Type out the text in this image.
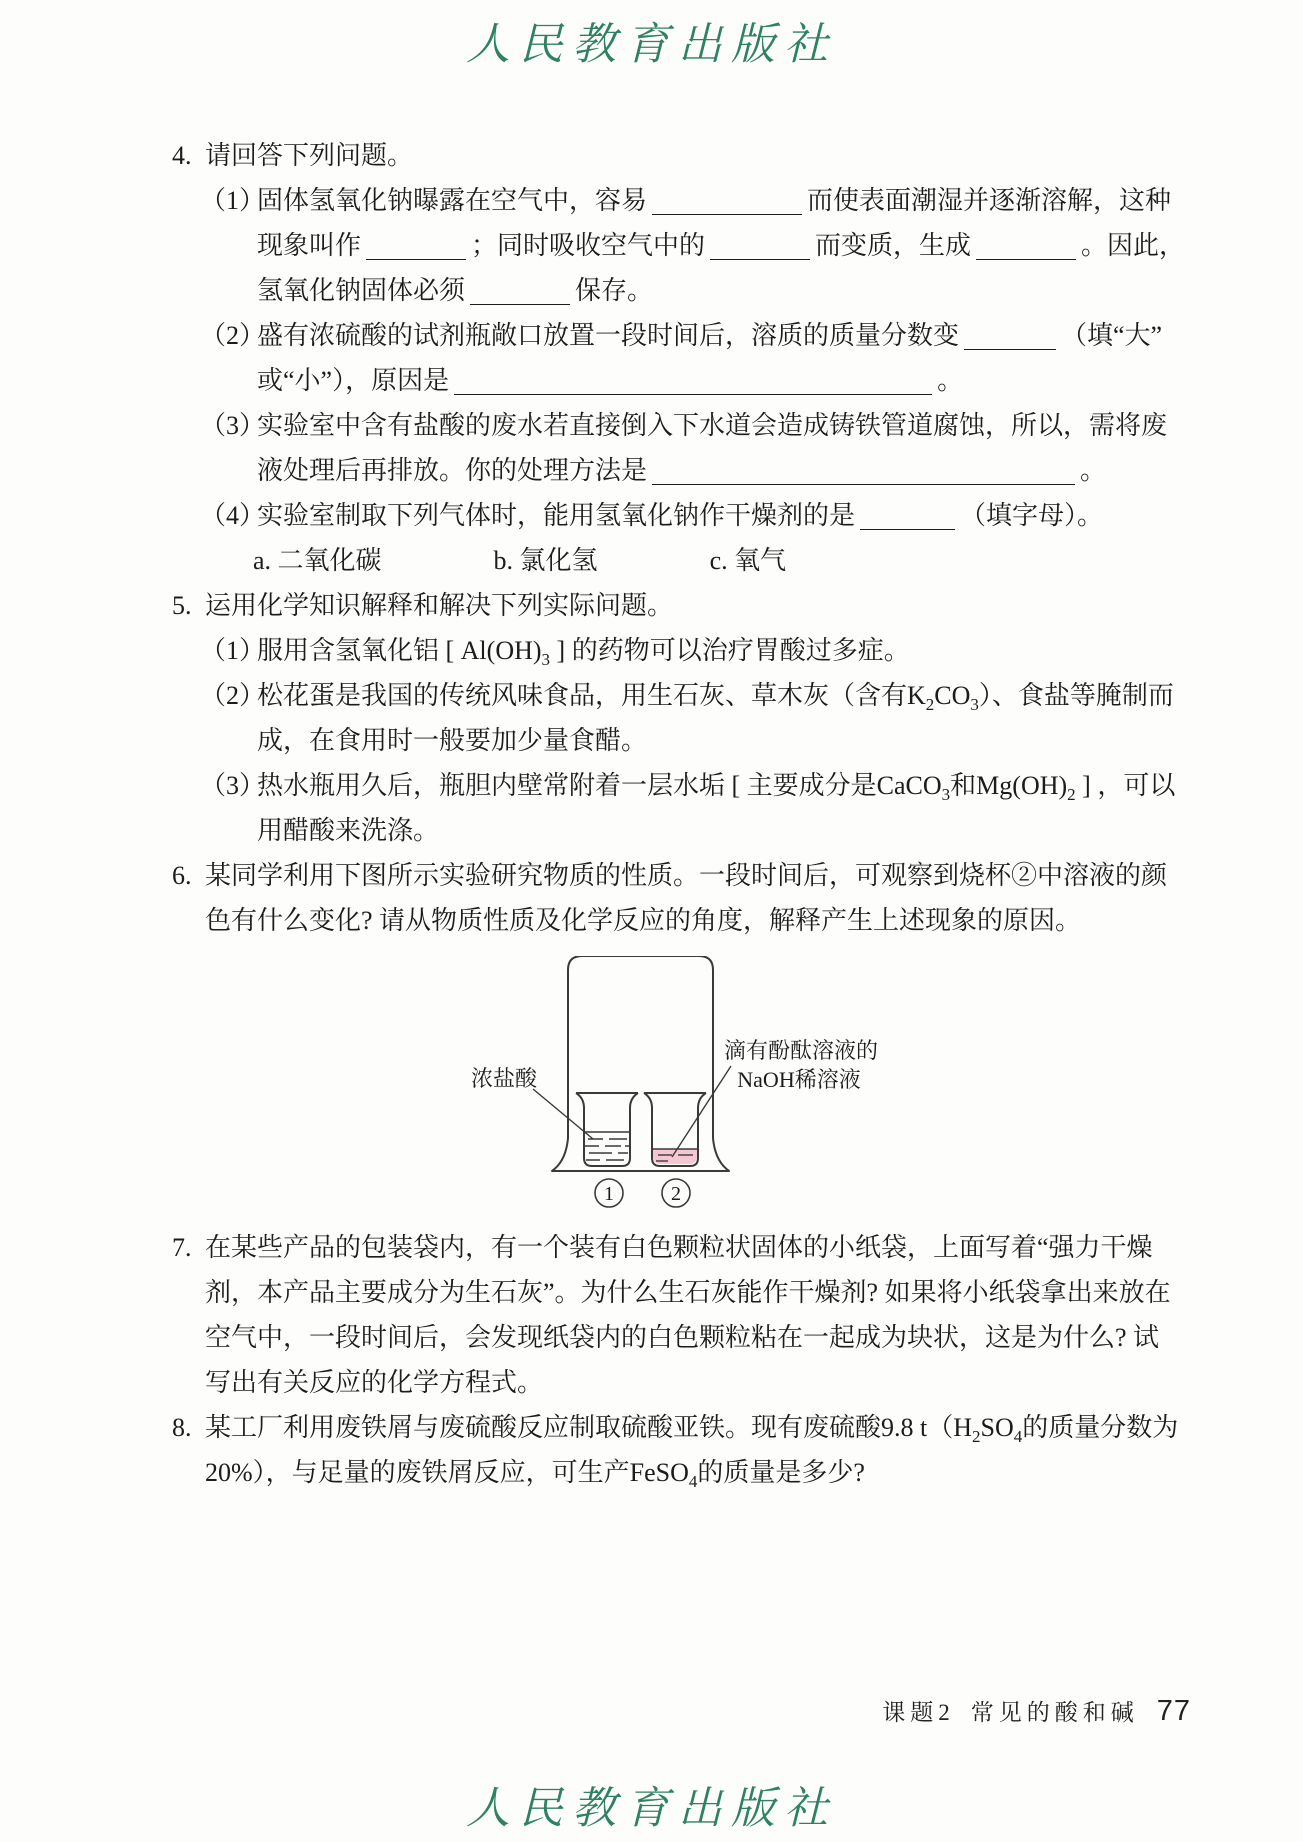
人民教育出版社
4. 请回答下列问题。
（1）固体氢氧化钠曝露在空气中，容易	而使表面潮湿并逐渐溶解，这种
现象叫作	；同时吸收空气中的	而变质，生成	。因此，
氢氧化钠固体必须	保存。
（2）盛有浓硫酸的试剂瓶敞口放置一段时间后，溶质的质量分数变	（填“大”
或“小”），原因是	。
（3）实验室中含有盐酸的废水若直接倒入下水道会造成铸铁管道腐蚀，所以，需将废
液处理后再排放。你的处理方法是	。
（4）实验室制取下列气体时，能用氢氧化钠作干燥剂的是	（填字母）。
a. 二氧化碳	b. 氯化氢	c. 氧气
5. 运用化学知识解释和解决下列实际问题。
（1）服用含氢氧化铝 [ $Al(OH)_3$ ] 的药物可以治疗胃酸过多症。
（2）松花蛋是我国的传统风味食品，用生石灰、草木灰（含有$K_2CO_3$）、食盐等腌制而
成，在食用时一般要加少量食醋。
（3）热水瓶用久后，瓶胆内壁常附着一层水垢 [ 主要成分是CaCO$_3$和$Mg(OH)_2$ ] ，可以
用醋酸来洗涤。
6. 某同学利用下图所示实验研究物质的性质。一段时间后，可观察到烧杯②中溶液的颜
色有什么变化? 请从物质性质及化学反应的角度，解释产生上述现象的原因。
浓盐酸
滴有酚酞溶液的
NaOH稀溶液
1	2
7. 在某些产品的包装袋内，有一个装有白色颗粒状固体的小纸袋，上面写着“强力干燥
剂，本产品主要成分为生石灰”。为什么生石灰能作干燥剂? 如果将小纸袋拿出来放在
空气中，一段时间后，会发现纸袋内的白色颗粒粘在一起成为块状，这是为什么? 试
写出有关反应的化学方程式。
8. 某工厂利用废铁屑与废硫酸反应制取硫酸亚铁。现有废硫酸9.8 $t(H_2SO_4$的质量分数为
20%），与足量的废铁屑反应，可生产FeSO$_4$的质量是多少?
课题2 常见的酸和碱 77
人民教育出版社
